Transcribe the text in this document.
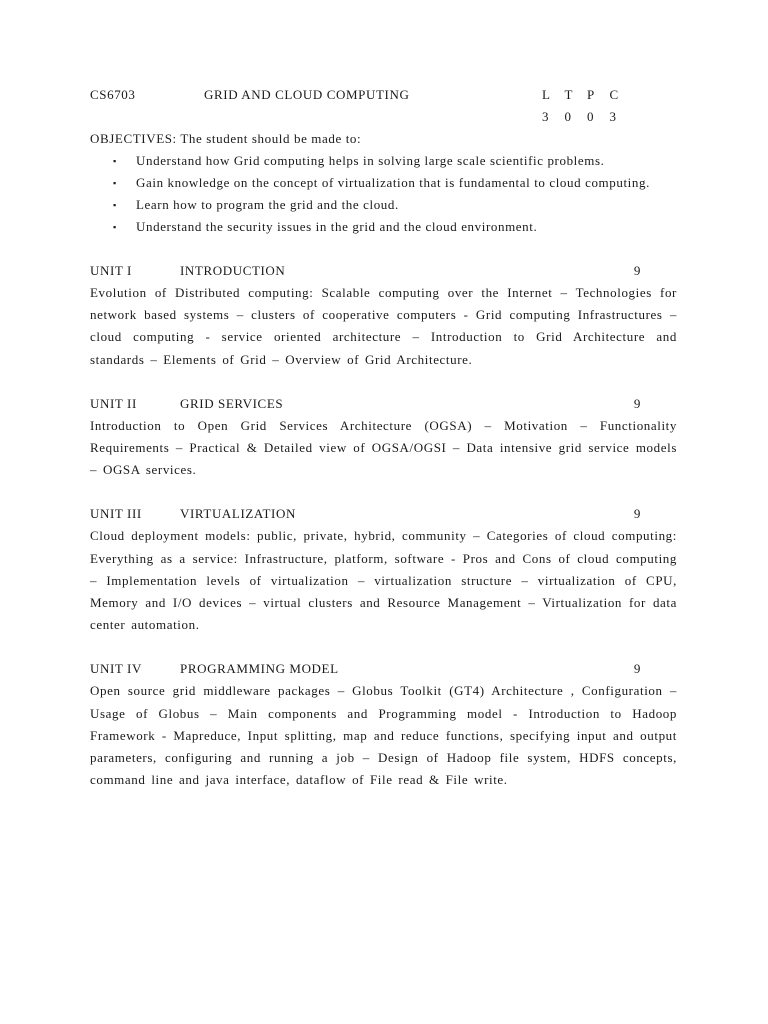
CS6703	GRID AND CLOUD COMPUTING	L	T	P	C
3	0	0	3
OBJECTIVES: The student should be made to:
▪ Understand how Grid computing helps in solving large scale scientific problems.
▪ Gain knowledge on the concept of virtualization that is fundamental to cloud computing.
▪ Learn how to program the grid and the cloud.
▪ Understand the security issues in the grid and the cloud environment.
UNIT I	INTRODUCTION	9
Evolution of Distributed computing: Scalable computing over the Internet – Technologies for network based systems – clusters of cooperative computers - Grid computing Infrastructures – cloud computing - service oriented architecture – Introduction to Grid Architecture and standards – Elements of Grid – Overview of Grid Architecture.
UNIT II	GRID SERVICES	9
Introduction to Open Grid Services Architecture (OGSA) – Motivation – Functionality Requirements – Practical & Detailed view of OGSA/OGSI – Data intensive grid service models – OGSA services.
UNIT III	VIRTUALIZATION	9
Cloud deployment models: public, private, hybrid, community – Categories of cloud computing: Everything as a service: Infrastructure, platform, software - Pros and Cons of cloud computing – Implementation levels of virtualization – virtualization structure – virtualization of CPU, Memory and I/O devices – virtual clusters and Resource Management – Virtualization for data center automation.
UNIT IV	PROGRAMMING MODEL	9
Open source grid middleware packages – Globus Toolkit (GT4) Architecture , Configuration – Usage of Globus – Main components and Programming model - Introduction to Hadoop Framework - Mapreduce, Input splitting, map and reduce functions, specifying input and output parameters, configuring and running a job – Design of Hadoop file system, HDFS concepts, command line and java interface, dataflow of File read & File write.
